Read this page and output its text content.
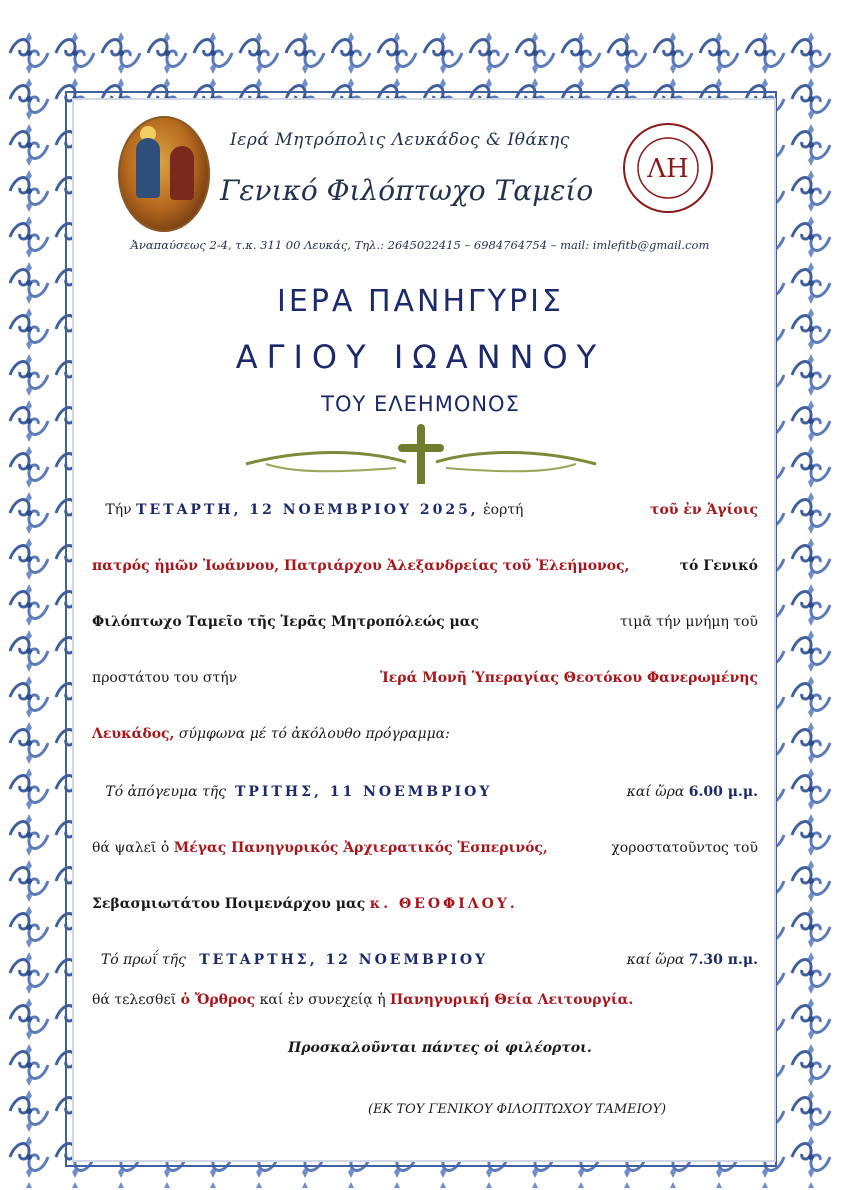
Ιερά Μητρόπολις Λευκάδος & Ιθάκης
Γενικό Φιλόπτωχο Ταμείο
ΛΗ
Ἀναπαύσεως 2-4, τ.κ. 311 00 Λευκάς, Τηλ.: 2645022415 – 6984764754 – mail: imlefitb@gmail.com
ΙΕΡΑ ΠΑΝΗΓΥΡΙΣ
ΑΓΙΟΥ ΙΩΑΝΝΟΥ
ΤΟΥ ΕΛΕΗΜΟΝΟΣ
Τήν ΤΕΤΑΡΤΗ, 12 ΝΟΕΜΒΡΙΟΥ 2025, ἑορτή	τοῦ ἐν Ἁγίοις
πατρός ἡμῶν Ἰωάννου, Πατριάρχου Ἀλεξανδρείας τοῦ Ἐλεήμονος,	τό Γενικό
Φιλόπτωχο Ταμεῖο τῆς Ἱερᾶς Μητροπόλεώς μας	τιμᾶ τήν μνήμη τοῦ
προστάτου του στήν	Ἱερά Μονῆ Ὑπεραγίας Θεοτόκου Φανερωμένης
Λευκάδος, σύμφωνα μέ τό ἀκόλουθο πρόγραμμα:
Τό ἀπόγευμα τῆς ΤΡΙΤΗΣ, 11 ΝΟΕΜΒΡΙΟΥ	καί ὥρα 6.00 μ.μ.
θά ψαλεῖ ὁ Μέγας Πανηγυρικός Ἀρχιερατικός Ἑσπερινός,	χοροστατοῦντος τοῦ
Σεβασμιωτάτου Ποιμενάρχου μας κ. ΘΕΟΦΙΛΟΥ.
Τό πρωΐ τῆς ΤΕΤΑΡΤΗΣ, 12 ΝΟΕΜΒΡΙΟΥ	καί ὥρα 7.30 π.μ.
θά τελεσθεῖ ὁ Ὄρθρος καί ἐν συνεχείᾳ ἡ Πανηγυρική Θεία Λειτουργία.
Προσκαλοῦνται πάντες οἱ φιλέορτοι.
(ΕΚ ΤΟΥ ΓΕΝΙΚΟΥ ΦΙΛΟΠΤΩΧΟΥ ΤΑΜΕΙΟΥ)
